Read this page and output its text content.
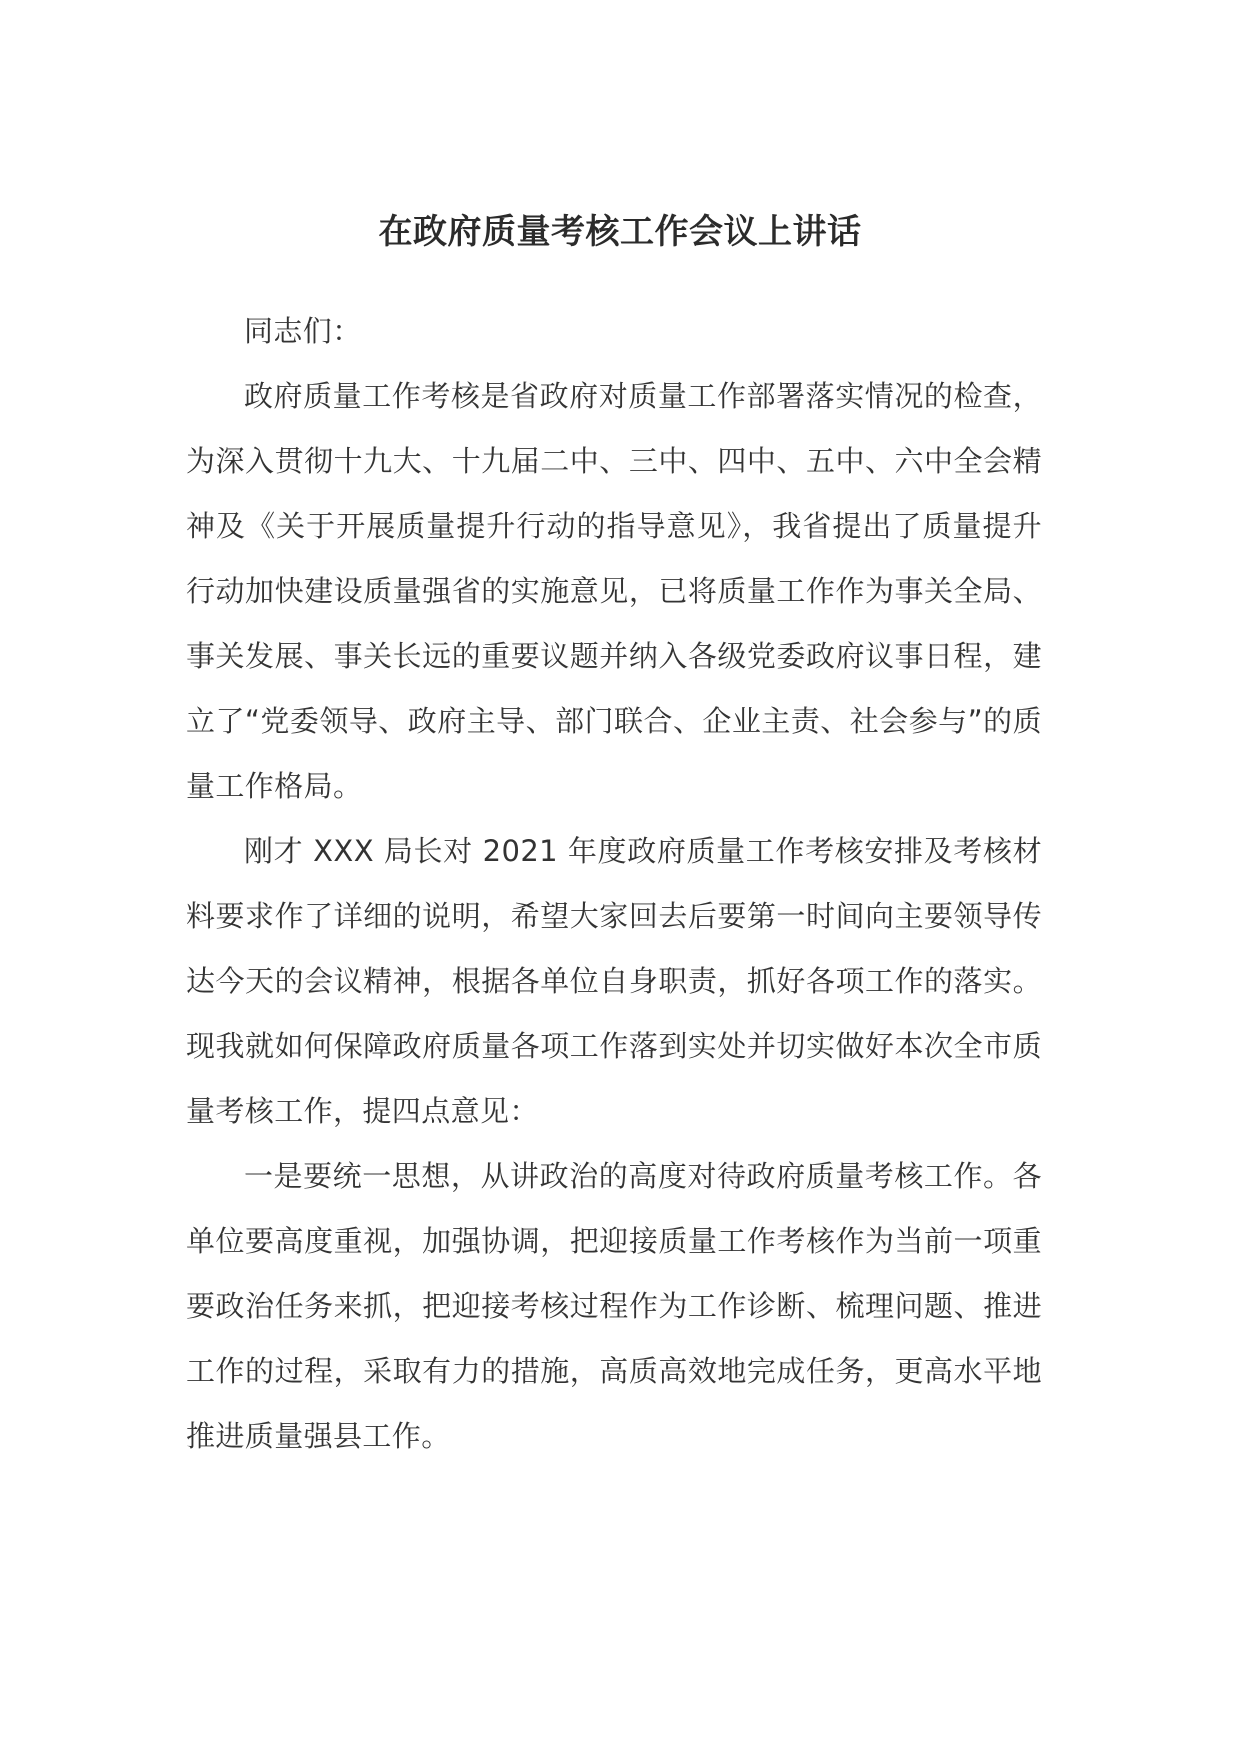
在政府质量考核工作会议上讲话

同志们：

政府质量工作考核是省政府对质量工作部署落实情况的检查，为深入贯彻十九大、十九届二中、三中、四中、五中、六中全会精神及《关于开展质量提升行动的指导意见》，我省提出了质量提升行动加快建设质量强省的实施意见，已将质量工作作为事关全局、事关发展、事关长远的重要议题并纳入各级党委政府议事日程，建立了“党委领导、政府主导、部门联合、企业主责、社会参与”的质量工作格局。

刚才 XXX 局长对 2021 年度政府质量工作考核安排及考核材料要求作了详细的说明，希望大家回去后要第一时间向主要领导传达今天的会议精神，根据各单位自身职责，抓好各项工作的落实。现我就如何保障政府质量各项工作落到实处并切实做好本次全市质量考核工作，提四点意见：

一是要统一思想，从讲政治的高度对待政府质量考核工作。各单位要高度重视，加强协调，把迎接质量工作考核作为当前一项重要政治任务来抓，把迎接考核过程作为工作诊断、梳理问题、推进工作的过程，采取有力的措施，高质高效地完成任务，更高水平地推进质量强县工作。
